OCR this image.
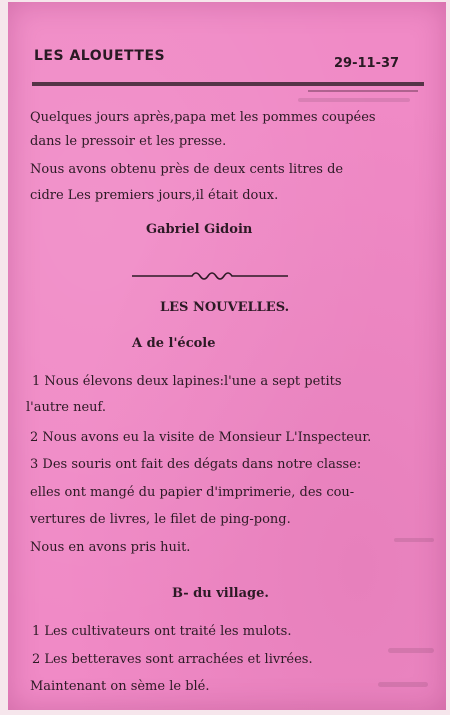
LES ALOUETTES	29-11-37
Quelques jours après,papa met les pommes coupées
dans le pressoir et les presse.
Nous avons obtenu près de deux cents litres de
cidre Les premiers jours,il était doux.
Gabriel Gidoin
LES NOUVELLES.
A de l'école
1 Nous élevons deux lapines:l'une a sept petits
l'autre neuf.
2 Nous avons eu la visite de Monsieur L'Inspecteur.
3 Des souris ont fait des dégats dans notre classe:
elles ont mangé du papier d'imprimerie, des cou-
vertures de livres, le filet de ping-pong.
Nous en avons pris huit.
B- du village.
1 Les cultivateurs ont traité les mulots.
2 Les betteraves sont arrachées et livrées.
Maintenant on sème le blé.
